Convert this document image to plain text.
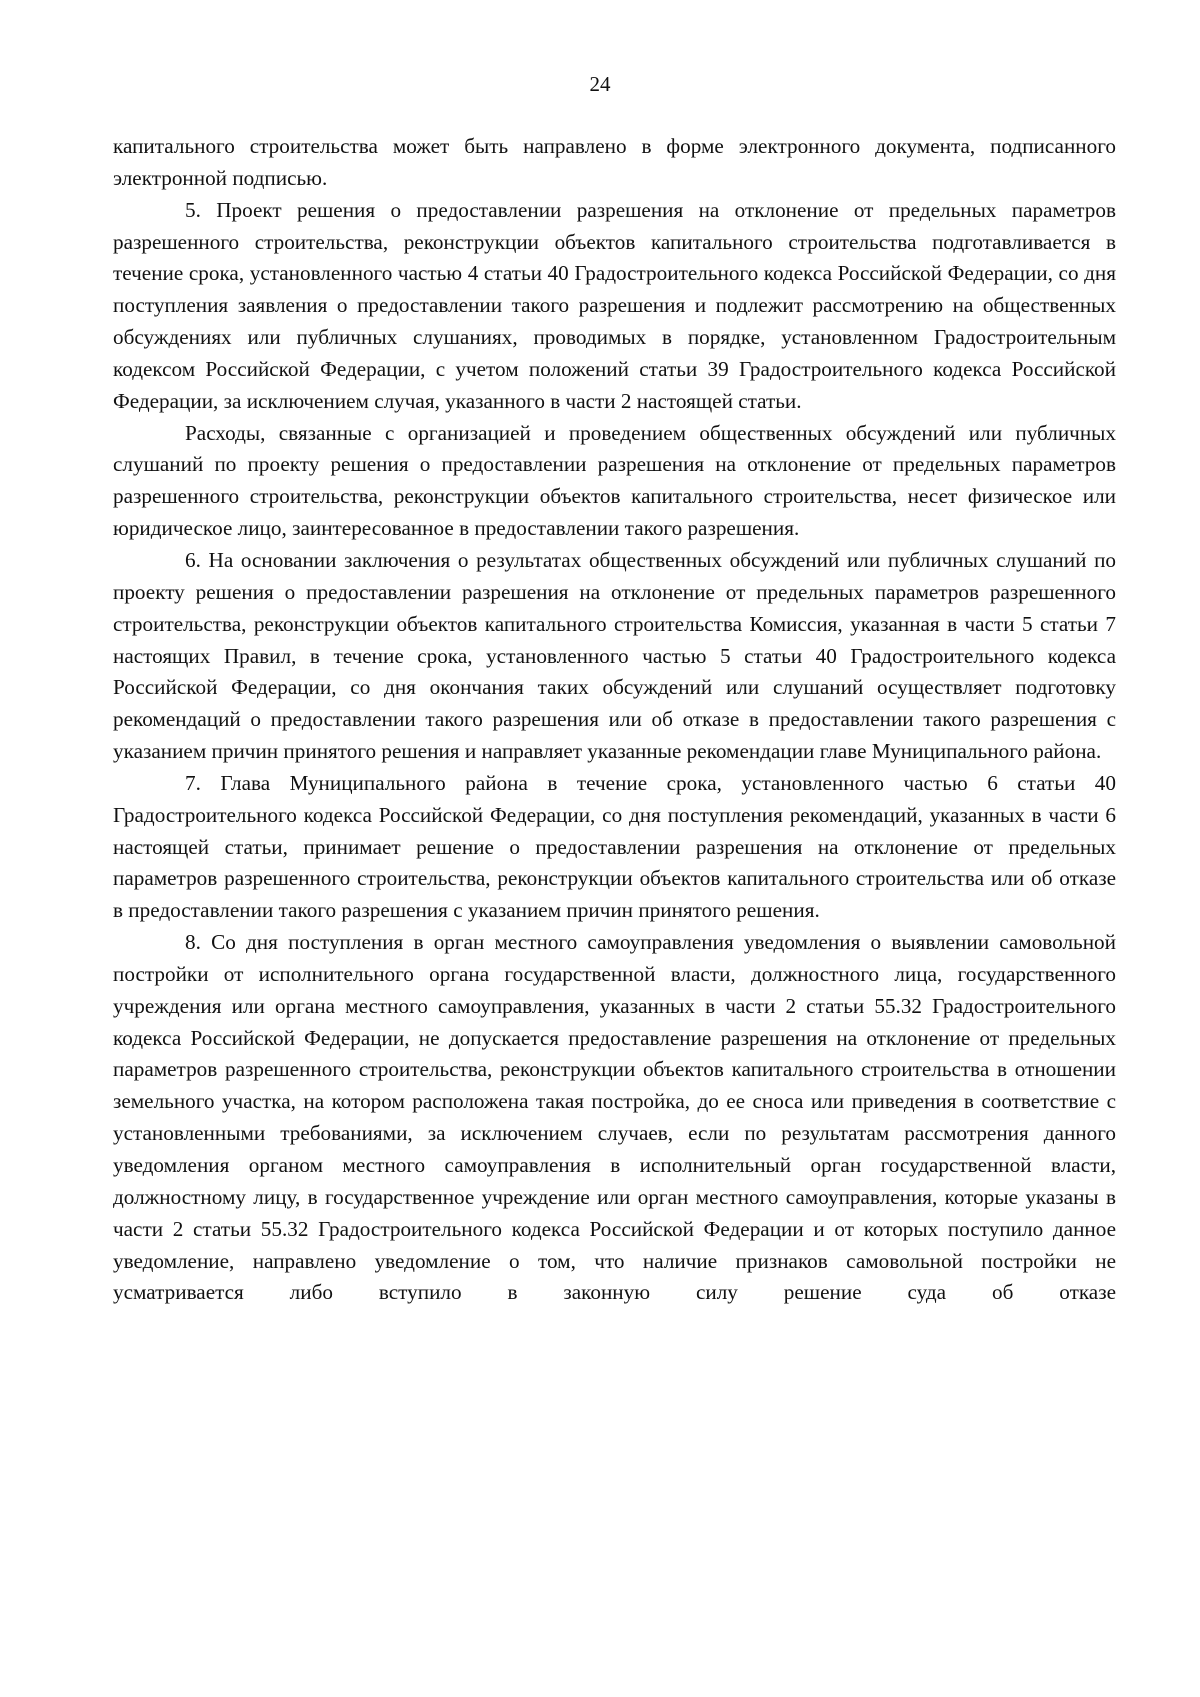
24

капитального строительства может быть направлено в форме электронного документа, подписанного электронной подписью.

5. Проект решения о предоставлении разрешения на отклонение от предельных параметров разрешенного строительства, реконструкции объектов капитального строительства подготавливается в течение срока, установленного частью 4 статьи 40 Градостроительного кодекса Российской Федерации, со дня поступления заявления о предоставлении такого разрешения и подлежит рассмотрению на общественных обсуждениях или публичных слушаниях, проводимых в порядке, установленном Градостроительным кодексом Российской Федерации, с учетом положений статьи 39 Градостроительного кодекса Российской Федерации, за исключением случая, указанного в части 2 настоящей статьи.

Расходы, связанные с организацией и проведением общественных обсуждений или публичных слушаний по проекту решения о предоставлении разрешения на отклонение от предельных параметров разрешенного строительства, реконструкции объектов капитального строительства, несет физическое или юридическое лицо, заинтересованное в предоставлении такого разрешения.

6. На основании заключения о результатах общественных обсуждений или публичных слушаний по проекту решения о предоставлении разрешения на отклонение от предельных параметров разрешенного строительства, реконструкции объектов капитального строительства Комиссия, указанная в части 5 статьи 7 настоящих Правил, в течение срока, установленного частью 5 статьи 40 Градостроительного кодекса Российской Федерации, со дня окончания таких обсуждений или слушаний осуществляет подготовку рекомендаций о предоставлении такого разрешения или об отказе в предоставлении такого разрешения с указанием причин принятого решения и направляет указанные рекомендации главе Муниципального района.

7. Глава Муниципального района в течение срока, установленного частью 6 статьи 40 Градостроительного кодекса Российской Федерации, со дня поступления рекомендаций, указанных в части 6 настоящей статьи, принимает решение о предоставлении разрешения на отклонение от предельных параметров разрешенного строительства, реконструкции объектов капитального строительства или об отказе в предоставлении такого разрешения с указанием причин принятого решения.

8. Со дня поступления в орган местного самоуправления уведомления о выявлении самовольной постройки от исполнительного органа государственной власти, должностного лица, государственного учреждения или органа местного самоуправления, указанных в части 2 статьи 55.32 Градостроительного кодекса Российской Федерации, не допускается предоставление разрешения на отклонение от предельных параметров разрешенного строительства, реконструкции объектов капитального строительства в отношении земельного участка, на котором расположена такая постройка, до ее сноса или приведения в соответствие с установленными требованиями, за исключением случаев, если по результатам рассмотрения данного уведомления органом местного самоуправления в исполнительный орган государственной власти, должностному лицу, в государственное учреждение или орган местного самоуправления, которые указаны в части 2 статьи 55.32 Градостроительного кодекса Российской Федерации и от которых поступило данное уведомление, направлено уведомление о том, что наличие признаков самовольной постройки не усматривается либо вступило в законную силу решение суда об отказе
